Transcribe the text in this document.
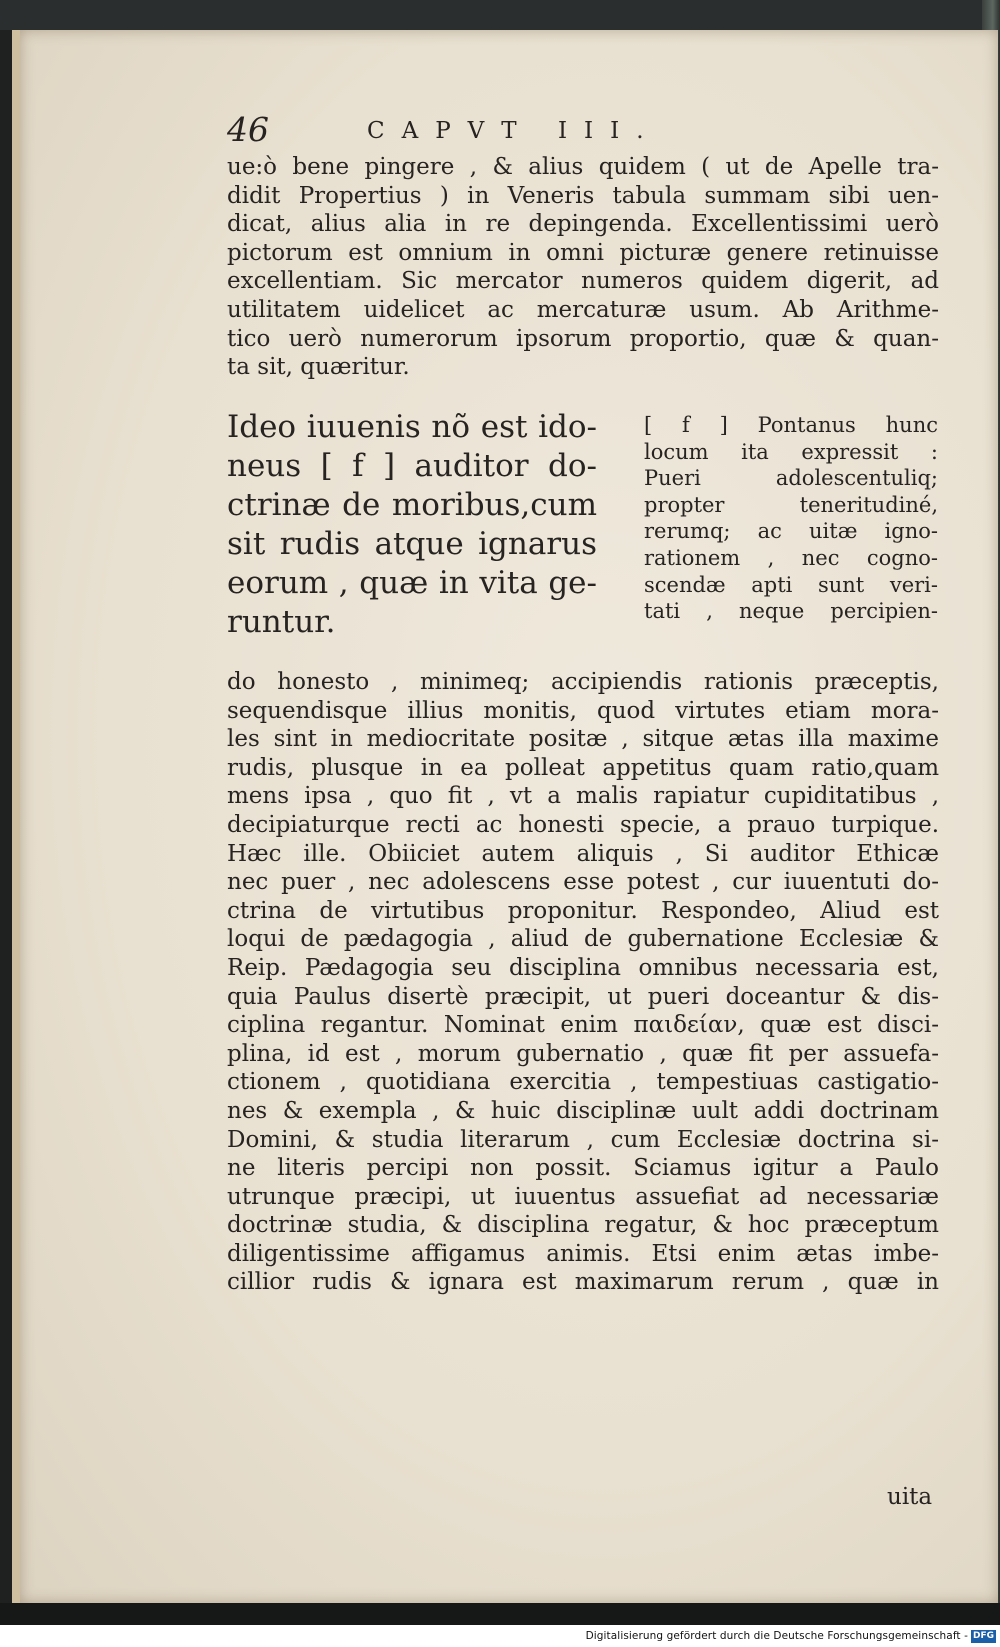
46	CAPVT III.

ue:ò bene pingere , & alius quidem ( ut de Apelle tra-
didit Propertius ) in Veneris tabula summam sibi uen-
dicat, alius alia in re depingenda. Excellentissimi uerò
pictorum est omnium in omni picturæ genere retinuisse
excellentiam. Sic mercator numeros quidem digerit, ad
utilitatem uidelicet ac mercaturæ usum. Ab Arithme-
tico uerò numerorum ipsorum proportio, quæ & quan-
ta sit, quæritur.

Ideo iuuenis nõ est ido-
neus [ f ] auditor do-
ctrinæ de moribus,cum
sit rudis atque ignarus
eorum , quæ in vita ge-
runtur.

[ f ] Pontanus hunc
locum ita expressit :
Pueri adolescentuliq;
propter teneritudiné,
rerumq; ac uitæ igno-
rationem , nec cogno-
scendæ apti sunt veri-
tati , neque percipien-

do honesto , minimeq; accipiendis rationis præceptis,
sequendisque illius monitis, quod virtutes etiam mora-
les sint in mediocritate positæ , sitque ætas illa maxime
rudis, plusque in ea polleat appetitus quam ratio,quam
mens ipsa , quo fit , vt a malis rapiatur cupiditatibus ,
decipiaturque recti ac honesti specie, a prauo turpique.
Hæc ille. Obiiciet autem aliquis , Si auditor Ethicæ
nec puer , nec adolescens esse potest , cur iuuentuti do-
ctrina de virtutibus proponitur. Respondeo, Aliud est
loqui de pædagogia , aliud de gubernatione Ecclesiæ &
Reip. Pædagogia seu disciplina omnibus necessaria est,
quia Paulus disertè præcipit, ut pueri doceantur & dis-
ciplina regantur. Nominat enim παιδείαν, quæ est disci-
plina, id est , morum gubernatio , quæ fit per assuefa-
ctionem , quotidiana exercitia , tempestiuas castigatio-
nes & exempla , & huic disciplinæ uult addi doctrinam
Domini, & studia literarum , cum Ecclesiæ doctrina si-
ne literis percipi non possit. Sciamus igitur a Paulo
utrunque præcipi, ut iuuentus assuefiat ad necessariæ
doctrinæ studia, & disciplina regatur, & hoc præceptum
diligentissime affigamus animis. Etsi enim ætas imbe-
cillior rudis & ignara est maximarum rerum , quæ in

uita
Digitalisierung gefördert durch die Deutsche Forschungsgemeinschaft - DFG
